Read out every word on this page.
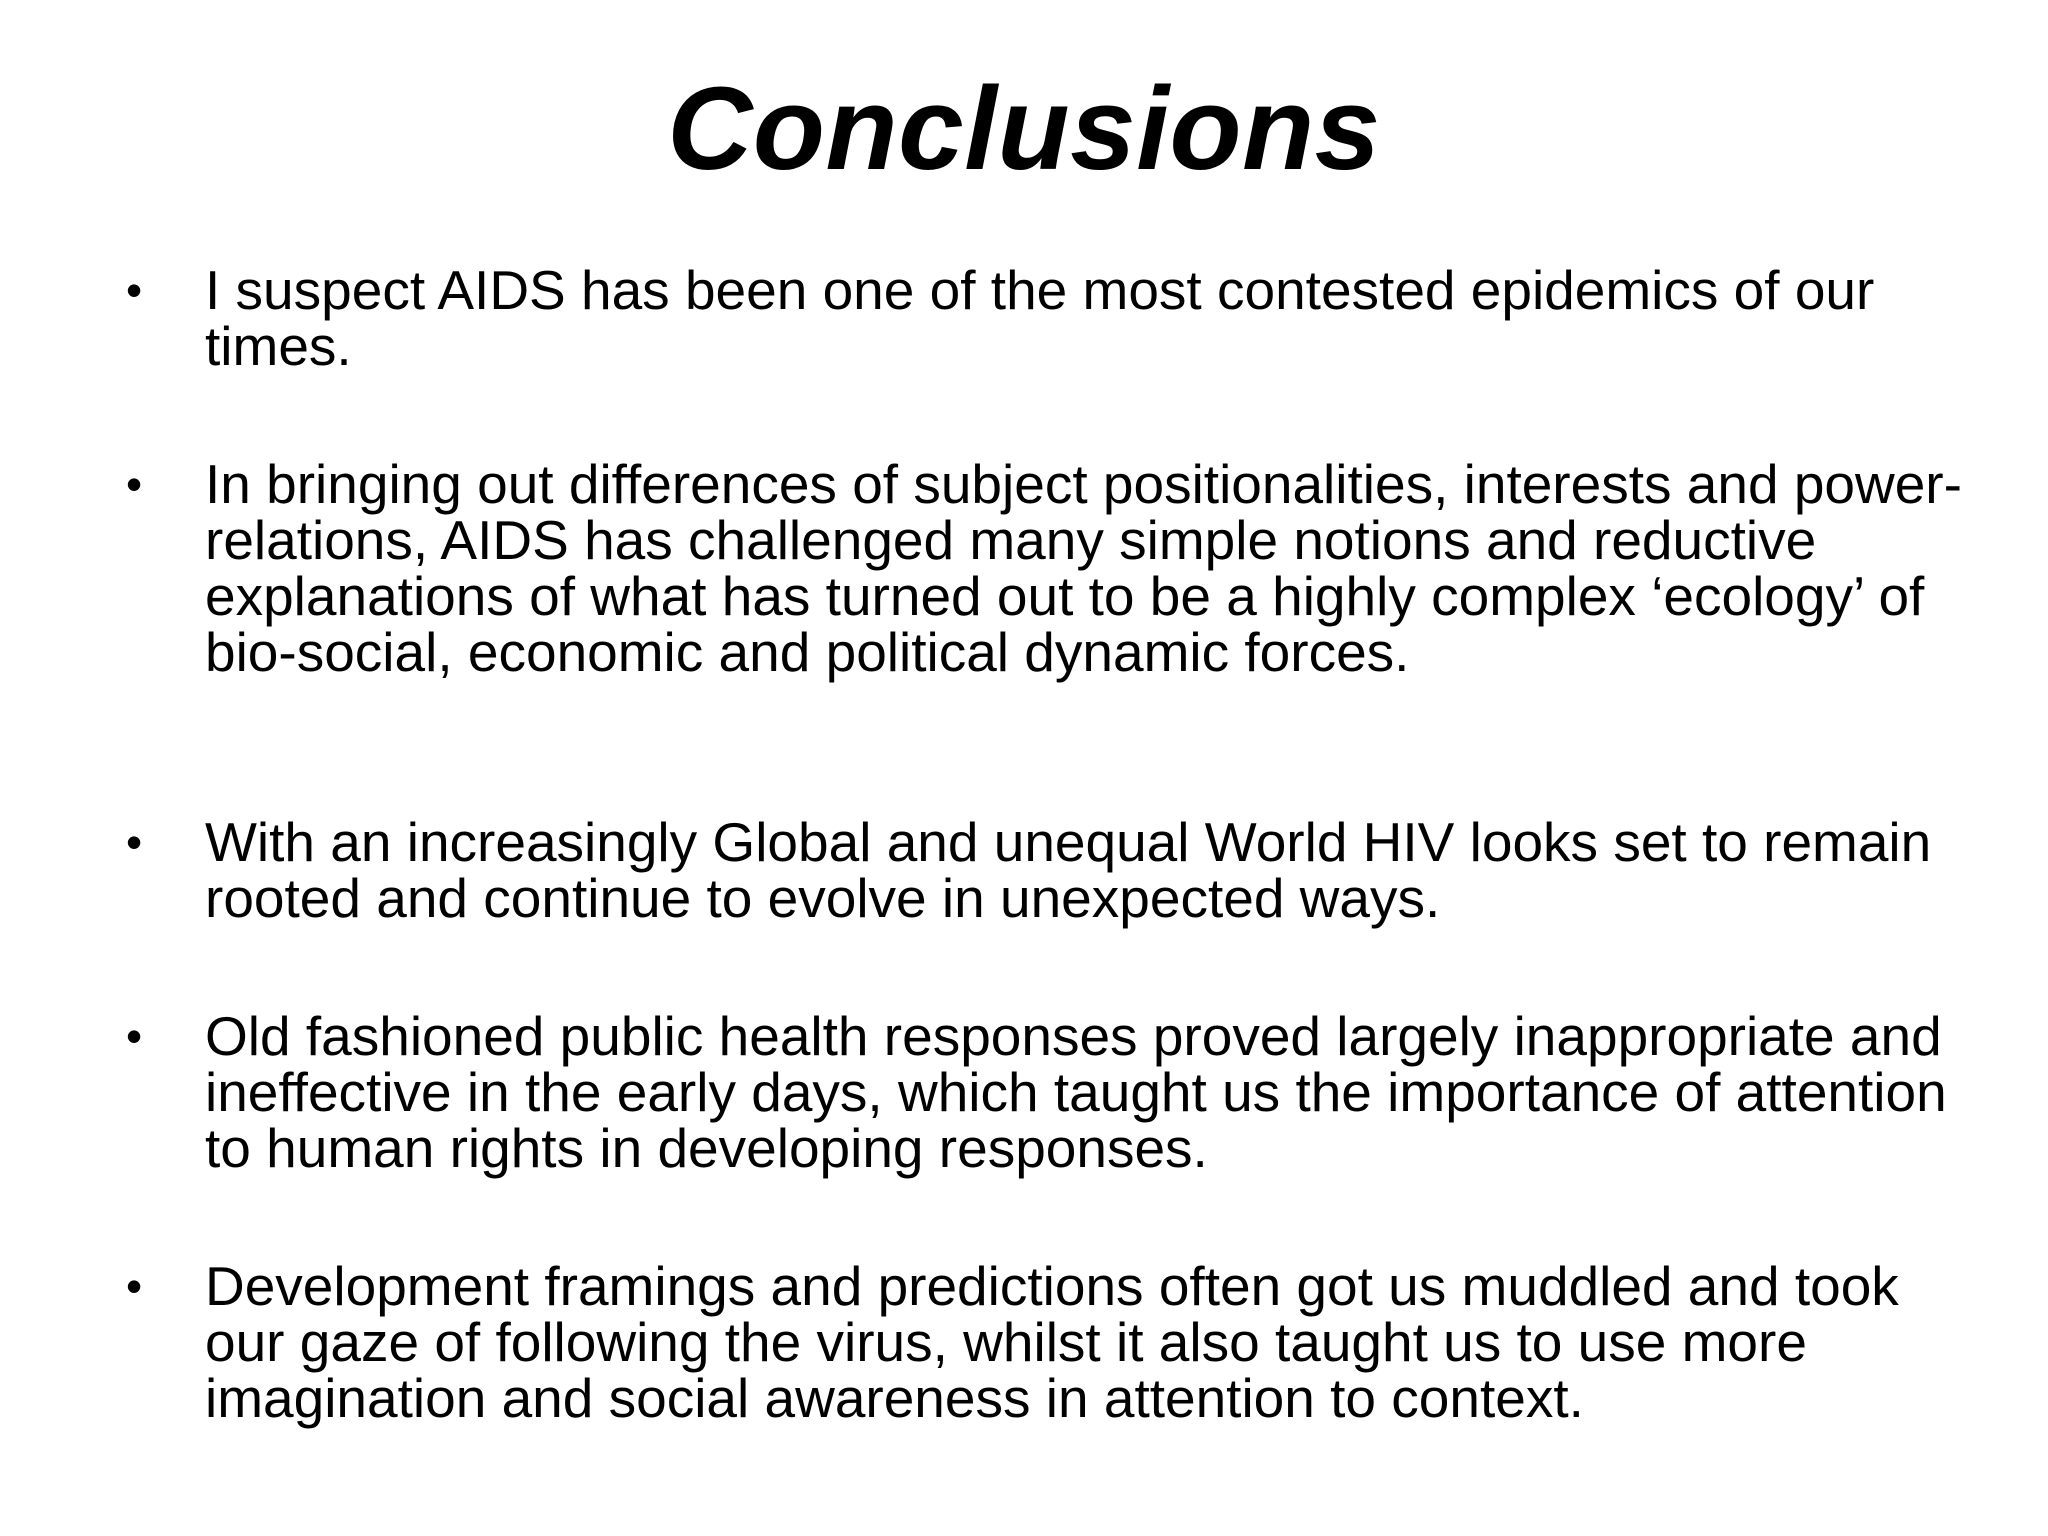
Conclusions
• I suspect AIDS has been one of the most contested epidemics of our times.
• In bringing out differences of subject positionalities, interests and power-relations, AIDS has challenged many simple notions and reductive explanations of what has turned out to be a highly complex ‘ecology’ of bio-social, economic and political dynamic forces.
• With an increasingly Global and unequal World HIV looks set to remain rooted and continue to evolve in unexpected ways.
• Old fashioned public health responses proved largely inappropriate and ineffective in the early days, which taught us the importance of attention to human rights in developing responses.
• Development framings and predictions often got us muddled and took our gaze of following the virus, whilst it also taught us to use more imagination and social awareness in attention to context.
